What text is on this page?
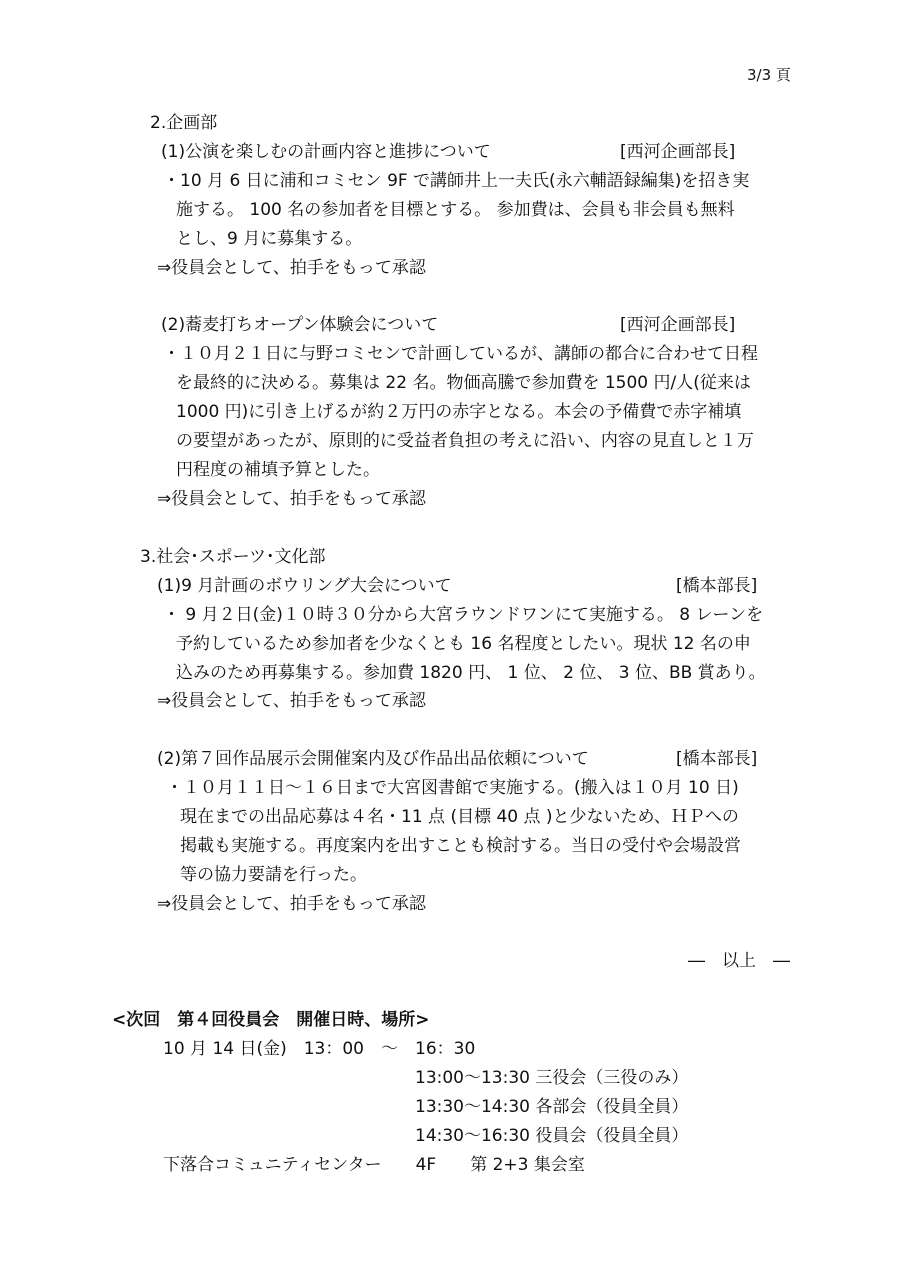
3/3 頁
2.企画部
(1)公演を楽しむの計画内容と進捗について	[西河企画部長]
・10 月 6 日に浦和コミセン 9F で講師井上一夫氏(永六輔語録編集)を招き実
施する。 100 名の参加者を目標とする。 参加費は、会員も非会員も無料
とし、9 月に募集する。
⇒役員会として、拍手をもって承認
(2)蕎麦打ちオープン体験会について	[西河企画部長]
・１０月２１日に与野コミセンで計画しているが、講師の都合に合わせて日程
を最終的に決める。募集は 22 名。物価高騰で参加費を 1500 円/人(従来は
1000 円)に引き上げるが約２万円の赤字となる。本会の予備費で赤字補填
の要望があったが、原則的に受益者負担の考えに沿い、内容の見直しと１万
円程度の補填予算とした。
⇒役員会として、拍手をもって承認
3.社会･スポーツ･文化部
(1)9 月計画のボウリング大会について	[橋本部長]
・ 9 月２日(金)１０時３０分から大宮ラウンドワンにて実施する。 8 レーンを
予約しているため参加者を少なくとも 16 名程度としたい。現状 12 名の申
込みのため再募集する。参加費 1820 円、 1 位、 2 位、 3 位、BB 賞あり。
⇒役員会として、拍手をもって承認
(2)第７回作品展示会開催案内及び作品出品依頼について	[橋本部長]
・１０月１１日～１６日まで大宮図書館で実施する。(搬入は１０月 10 日)
現在までの出品応募は４名・11 点 (目標 40 点 )と少ないため、ＨＰへの
掲載も実施する。再度案内を出すことも検討する。当日の受付や会場設営
等の協力要請を行った。
⇒役員会として、拍手をもって承認
―　以上　―
<次回　第４回役員会　開催日時、場所>
10 月 14 日(金)　13：00　～　16：30
13:00～13:30 三役会（三役のみ）
13:30～14:30 各部会（役員全員）
14:30～16:30 役員会（役員全員）
下落合コミュニティセンター　　4F　　第 2+3 集会室
